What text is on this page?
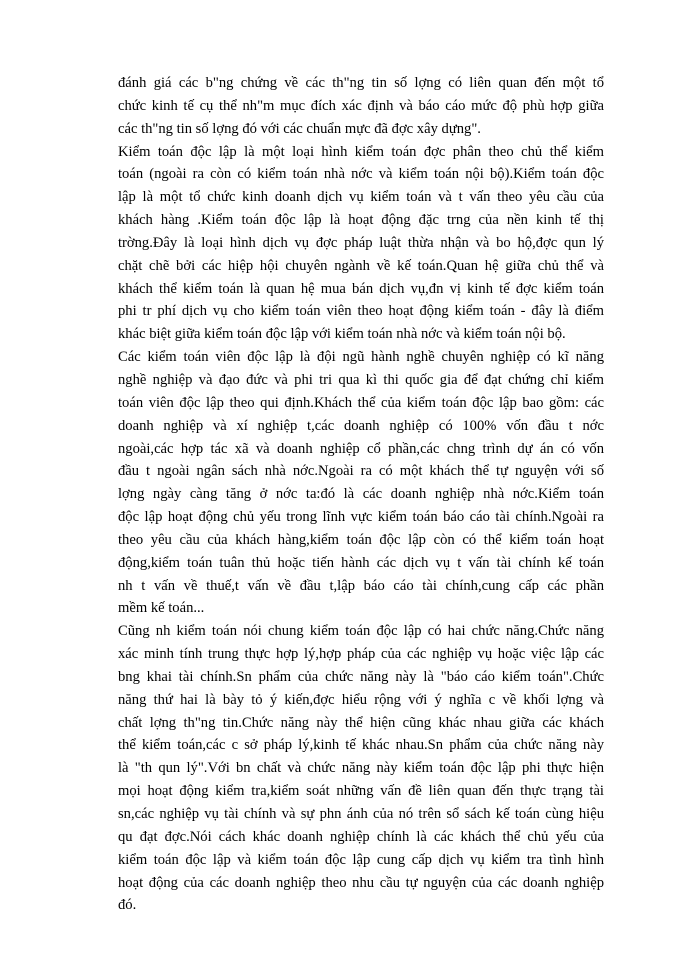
đánh giá các b"ng chứng về các th"ng tin số lợng có liên quan đến một tổ
chức kinh tế cụ thể nh"m mục đích xác định và báo cáo mức độ phù hợp giữa
các th"ng tin số lợng đó với các chuẩn mực đã đợc xây dựng".
Kiểm toán độc lập là một loại hình kiểm toán đợc phân theo chủ thể kiểm
toán (ngoài ra còn có kiểm toán nhà nớc và kiểm toán nội bộ).Kiểm toán độc
lập là một tổ chức kinh doanh dịch vụ kiểm toán và t vấn theo yêu cầu của
khách hàng .Kiểm toán độc lập là hoạt động đặc trng của nền kinh tế thị
trờng.Đây là loại hình dịch vụ đợc pháp luật thừa nhận và bo hộ,đợc qun lý
chặt chẽ bởi các hiệp hội chuyên ngành về kế toán.Quan hệ giữa chủ thể và
khách thể kiểm toán là quan hệ mua bán dịch vụ,đn vị kinh tế đợc kiểm toán
phi tr phí dịch vụ cho kiểm toán viên theo hoạt động kiểm toán - đây là điểm
khác biệt giữa kiểm toán độc lập với kiểm toán nhà nớc và kiểm toán nội bộ.
Các kiểm toán viên độc lập là đội ngũ hành nghề chuyên nghiệp có kĩ năng
nghề nghiệp và đạo đức và phi tri qua kì thi quốc gia để đạt chứng chỉ kiểm
toán viên độc lập theo qui định.Khách thể của kiểm toán độc lập bao gồm: các
doanh nghiệp và xí nghiệp t,các doanh nghiệp có 100% vốn đầu t nớc
ngoài,các hợp tác xã và doanh nghiệp cổ phần,các chng trình dự án có vốn
đầu t ngoài ngân sách nhà nớc.Ngoài ra có một khách thể tự nguyện với số
lợng ngày càng tăng ở nớc ta:đó là các doanh nghiệp nhà nớc.Kiểm toán
độc lập hoạt động chủ yếu trong lĩnh vực kiểm toán báo cáo tài chính.Ngoài ra
theo yêu cầu của khách hàng,kiểm toán độc lập còn có thể kiểm toán hoạt
động,kiểm toán tuân thủ hoặc tiến hành các dịch vụ t vấn tài chính kế toán
nh t vấn về thuế,t vấn về đầu t,lập báo cáo tài chính,cung cấp các phần
mềm kế toán...
Cũng nh kiểm toán nói chung kiểm toán độc lập có hai chức năng.Chức năng
xác minh tính trung thực hợp lý,hợp pháp của các nghiệp vụ hoặc việc lập các
bng khai tài chính.Sn phẩm của chức năng này là "báo cáo kiểm toán".Chức
năng thứ hai là bày tỏ ý kiến,đợc hiểu rộng với ý nghĩa c về khối lợng và
chất lợng th"ng tin.Chức năng này thể hiện cũng khác nhau giữa các khách
thể kiểm toán,các c sở pháp lý,kinh tế khác nhau.Sn phẩm của chức năng này
là "th qun lý".Với bn chất và chức năng này kiểm toán độc lập phi thực hiện
mọi hoạt động kiểm tra,kiểm soát những vấn đề liên quan đến thực trạng tài
sn,các nghiệp vụ tài chính và sự phn ánh của nó trên sổ sách kế toán cùng hiệu
qu đạt đợc.Nói cách khác doanh nghiệp chính là các khách thể chủ yếu của
kiểm toán độc lập và kiểm toán độc lập cung cấp dịch vụ kiểm tra tình hình
hoạt động của các doanh nghiệp theo nhu cầu tự nguyện của các doanh nghiệp
đó.
